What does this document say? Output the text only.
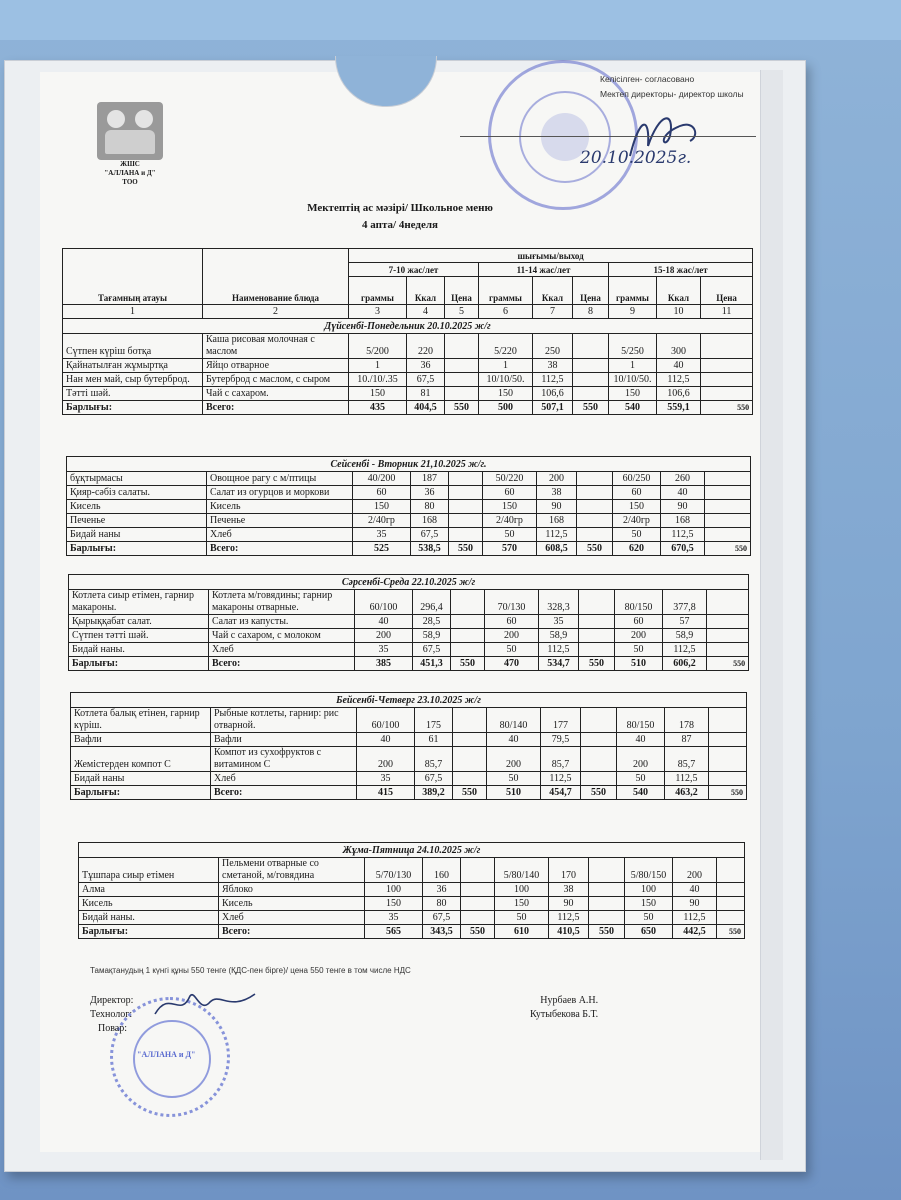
ЖШС
"АЛЛАНА и Д"
ТОО
Келісілген- согласовано
Мектеп директоры- директор школы
20.10.2025г.
Мектептің ас мәзірі/ Школьное меню
4 апта/ 4неделя
Тағамның атауы	Наименование блюда	шығымы/выход								
		7-10 жас/лет			11-14 жас/лет			15-18 жас/лет		
		граммы	Ккал	Цена	граммы	Ккал	Цена	граммы	Ккал	Цена
1	2	3	4	5	6	7	8	9	10	11
Дүйсенбі-Понедельник 20.10.2025 ж/г										
Сүтпен күріш ботқа	Каша рисовая молочная с маслом	5/200	220		5/220	250		5/250	300	
Қайнатылған жұмыртқа	Яйцо отварное	1	36		1	38		1	40	
Нан мен май, сыр бутерброд.	Бутерброд с маслом, с сыром	10./10/.35	67,5		10/10/50.	112,5		10/10/50.	112,5	
Тәтті шәй.	Чай с сахаром.	150	81		150	106,6		150	106,6	
Барлығы:	Всего:	435	404,5	550	500	507,1	550	540	559,1	550
Сейсенбі - Вторник 21,10.2025 ж/г.										
бұқтырмасы	Овощное рагу с м/птицы	40/200	187		50/220	200		60/250	260	
Қияр-сәбіз салаты.	Салат из огурцов и моркови	60	36		60	38		60	40	
Кисель	Кисель	150	80		150	90		150	90	
Печенье	Печенье	2/40гр	168		2/40гр	168		2/40гр	168	
Бидай наны	Хлеб	35	67,5		50	112,5		50	112,5	
Барлығы:	Всего:	525	538,5	550	570	608,5	550	620	670,5	550
Сәрсенбі-Среда 22.10.2025 ж/г										
Котлета сиыр етімен, гарнир макароны.	Котлета м/говядины; гарнир макароны отварные.	60/100	296,4		70/130	328,3		80/150	377,8	
Қырыққабат салат.	Салат из капусты.	40	28,5		60	35		60	57	
Сүтпен тәтті шәй.	Чай с сахаром, с молоком	200	58,9		200	58,9		200	58,9	
Бидай наны.	Хлеб	35	67,5		50	112,5		50	112,5	
Барлығы:	Всего:	385	451,3	550	470	534,7	550	510	606,2	550
Бейсенбі-Четверг 23.10.2025 ж/г										
Котлета балық етінен, гарнир күріш.	Рыбные котлеты, гарнир: рис отварной.	60/100	175		80/140	177		80/150	178	
Вафли	Вафли	40	61		40	79,5		40	87	
Жемістерден компот С	Компот из сухофруктов с витамином С	200	85,7		200	85,7		200	85,7	
Бидай наны	Хлеб	35	67,5		50	112,5		50	112,5	
Барлығы:	Всего:	415	389,2	550	510	454,7	550	540	463,2	550
Жұма-Пятница 24.10.2025 ж/г										
Тұшпара сиыр етімен	Пельмени отварные со сметаной, м/говядина	5/70/130	160		5/80/140	170		5/80/150	200	
Алма	Яблоко	100	36		100	38		100	40	
Кисель	Кисель	150	80		150	90		150	90	
Бидай наны.	Хлеб	35	67,5		50	112,5		50	112,5	
Барлығы:	Всего:	565	343,5	550	610	410,5	550	650	442,5	550
Тамақтанудың 1 күнгі құны 550 тенге (ҚДС-пен бірге)/ цена 550 тенге в том числе НДС
"АЛЛАНА и Д"
Директор:
Технолог:
Повар:
Нурбаев А.Н.
Кутыбекова Б.Т.
